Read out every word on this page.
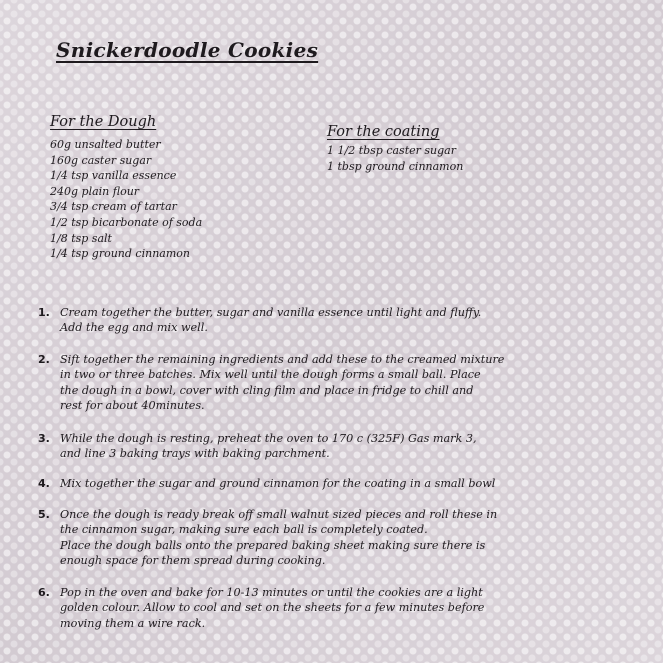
Snickerdoodle Cookies
For the Dough
60g unsalted butter
160g caster sugar
1/4 tsp vanilla essence
240g plain flour
3/4 tsp cream of tartar
1/2 tsp bicarbonate of soda
1/8 tsp salt
1/4 tsp ground cinnamon
For the coating
1 1/2 tbsp caster sugar
1 tbsp ground cinnamon
1. Cream together the butter, sugar and vanilla essence until light and fluffy.
Add the egg and mix well.
2. Sift together the remaining ingredients and add these to the creamed mixture
in two or three batches. Mix well until the dough forms a small ball. Place
the dough in a bowl, cover with cling film and place in fridge to chill and
rest for about 40minutes.
3. While the dough is resting, preheat the oven to 170 c (325F) Gas mark 3,
and line 3 baking trays with baking parchment.
4. Mix together the sugar and ground cinnamon for the coating in a small bowl
5. Once the dough is ready break off small walnut sized pieces and roll these in
the cinnamon sugar, making sure each ball is completely coated.
Place the dough balls onto the prepared baking sheet making sure there is
enough space for them spread during cooking.
6. Pop in the oven and bake for 10-13 minutes or until the cookies are a light
golden colour. Allow to cool and set on the sheets for a few minutes before
moving them a wire rack.
